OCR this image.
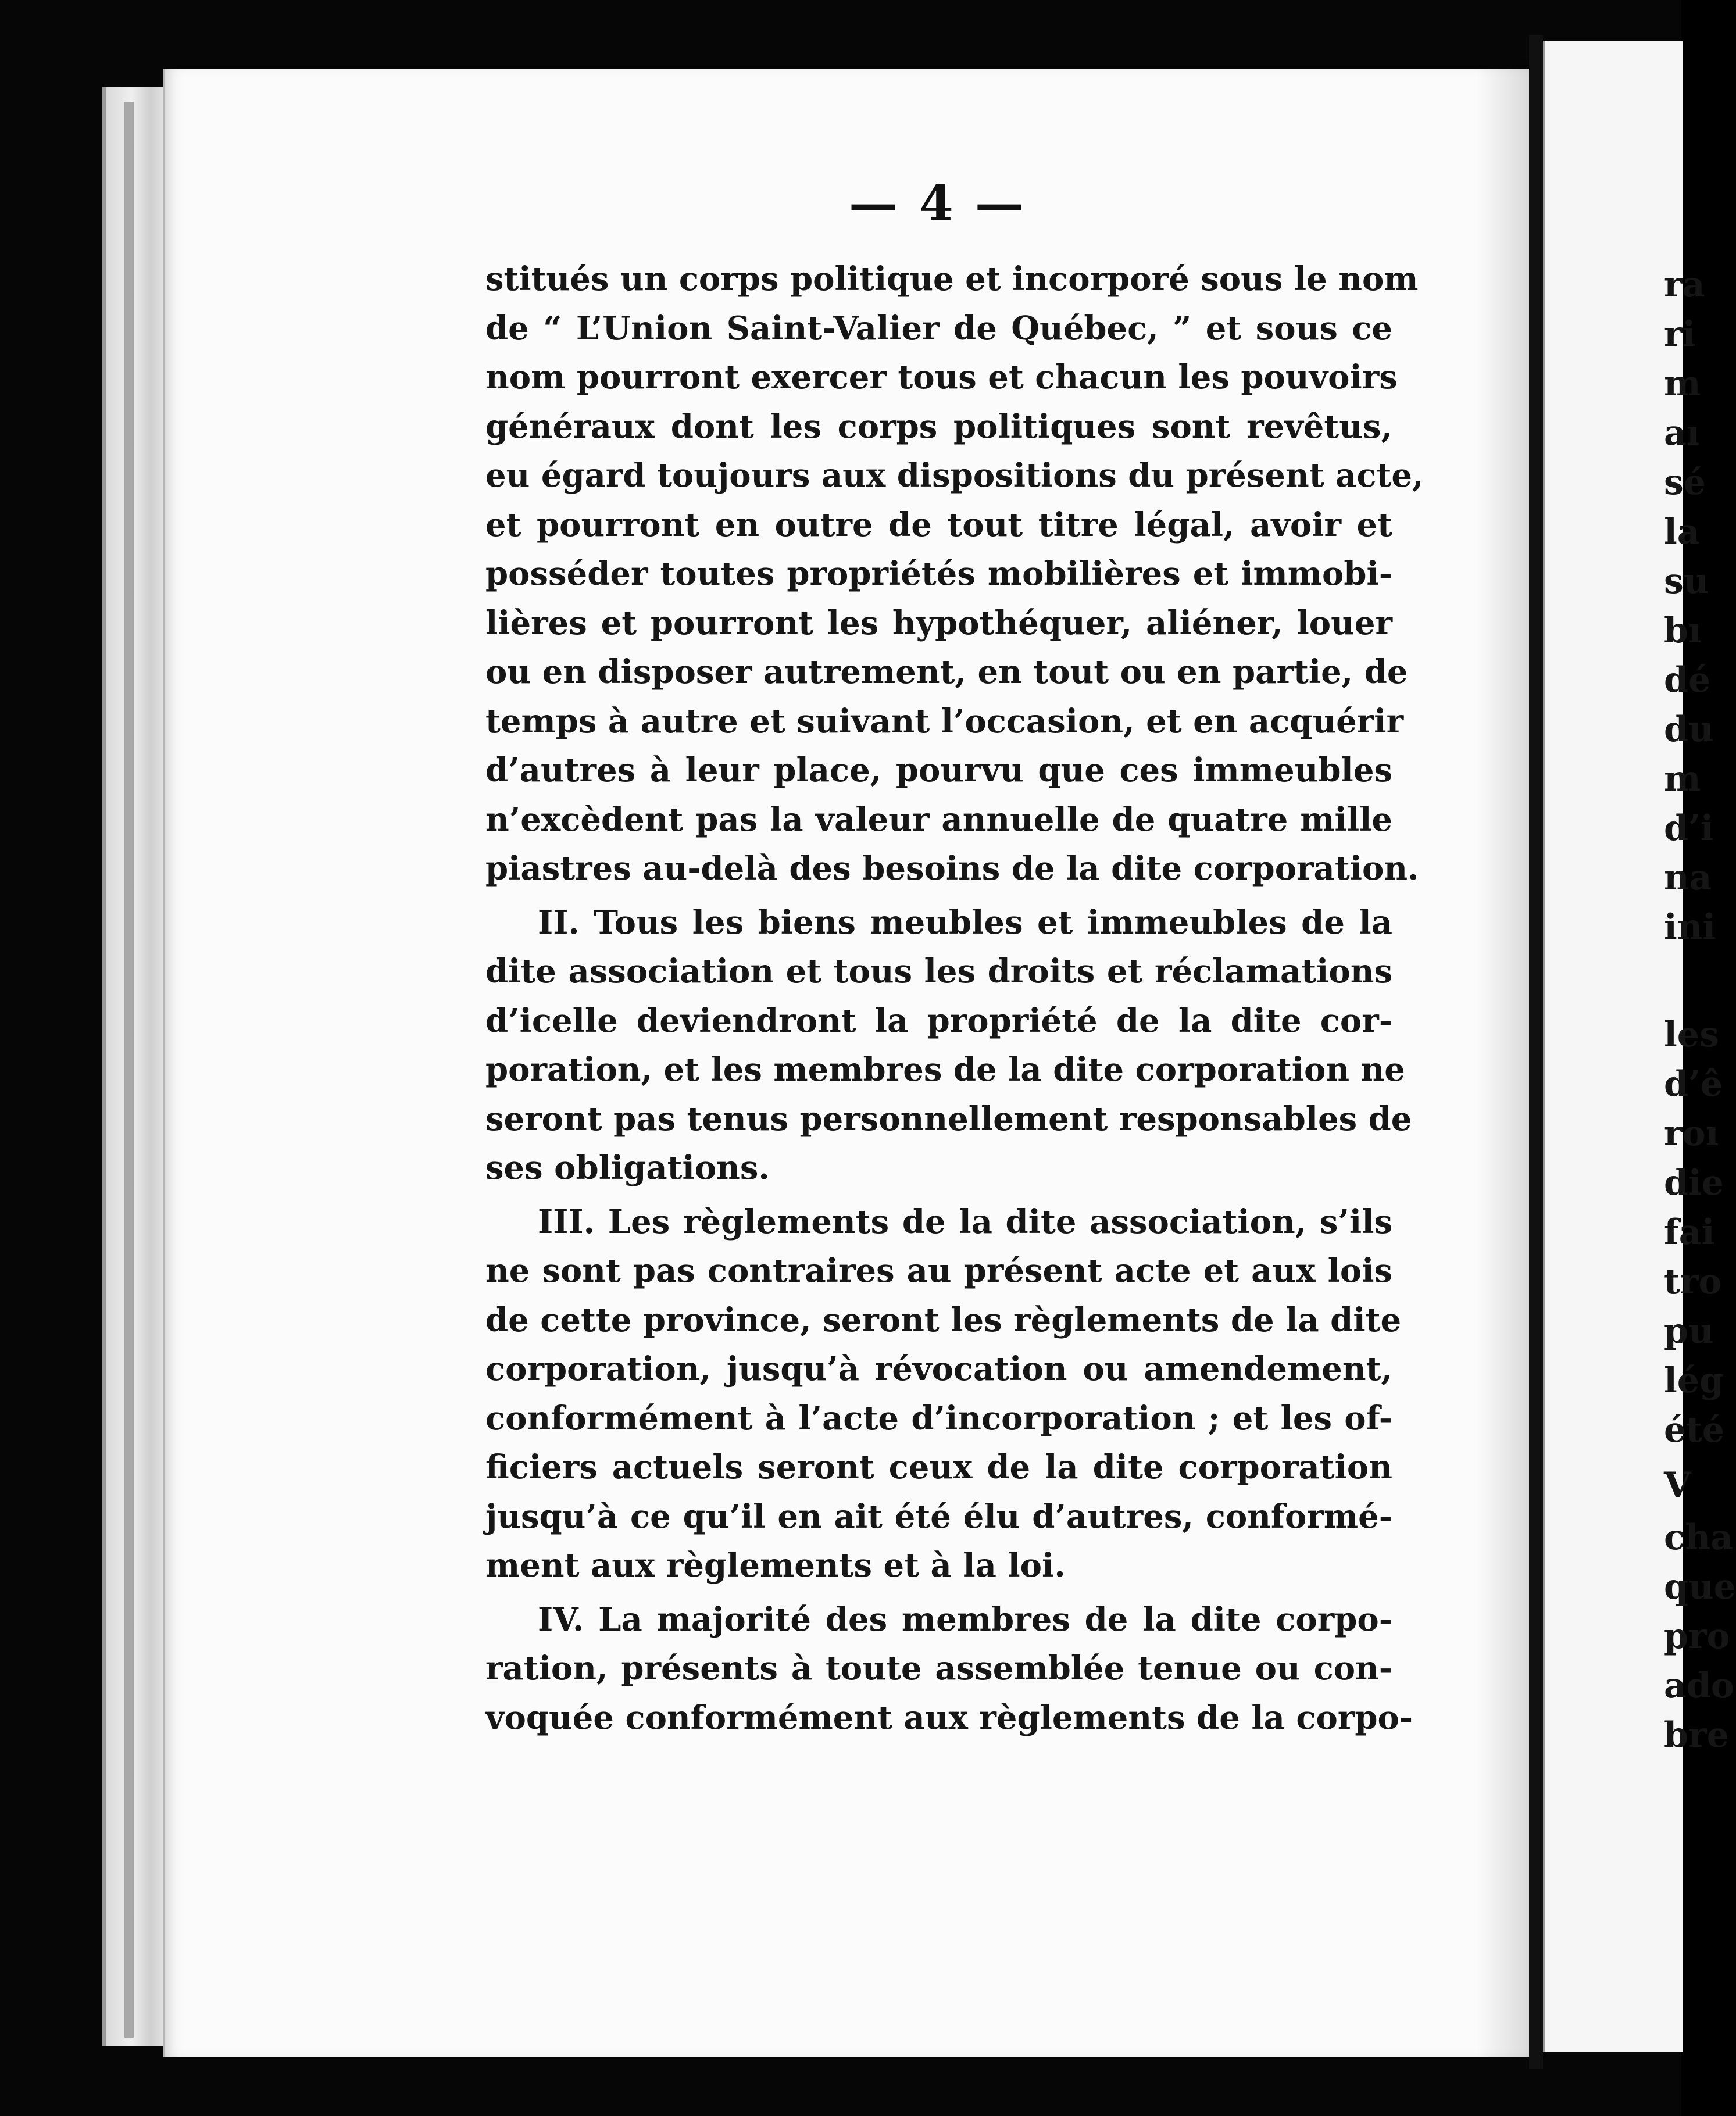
ra
ri
m
aı
sé
la
su
bı
dé
du
m
d’i
na
ini
les
d’ê
roı
die
fai
tro
pu
lég
été
V
cha
que
pro
ado
bre
— 4 —
stitués un corps politique et incorporé sous le nom
de “ L’Union Saint-Valier de Québec, ” et sous ce
nom pourront exercer tous et chacun les pouvoirs
généraux dont les corps politiques sont revêtus,
eu égard toujours aux dispositions du présent acte,
et pourront en outre de tout titre légal, avoir et
posséder toutes propriétés mobilières et immobi-
lières et pourront les hypothéquer, aliéner, louer
ou en disposer autrement, en tout ou en partie, de
temps à autre et suivant l’occasion, et en acquérir
d’autres à leur place, pourvu que ces immeubles
n’excèdent pas la valeur annuelle de quatre mille
piastres au-delà des besoins de la dite corporation.
II. Tous les biens meubles et immeubles de la
dite association et tous les droits et réclamations
d’icelle deviendront la propriété de la dite cor-
poration, et les membres de la dite corporation ne
seront pas tenus personnellement responsables de
ses obligations.
III. Les règlements de la dite association, s’ils
ne sont pas contraires au présent acte et aux lois
de cette province, seront les règlements de la dite
corporation, jusqu’à révocation ou amendement,
conformément à l’acte d’incorporation ; et les of-
ficiers actuels seront ceux de la dite corporation
jusqu’à ce qu’il en ait été élu d’autres, conformé-
ment aux règlements et à la loi.
IV. La majorité des membres de la dite corpo-
ration, présents à toute assemblée tenue ou con-
voquée conformément aux règlements de la corpo-
